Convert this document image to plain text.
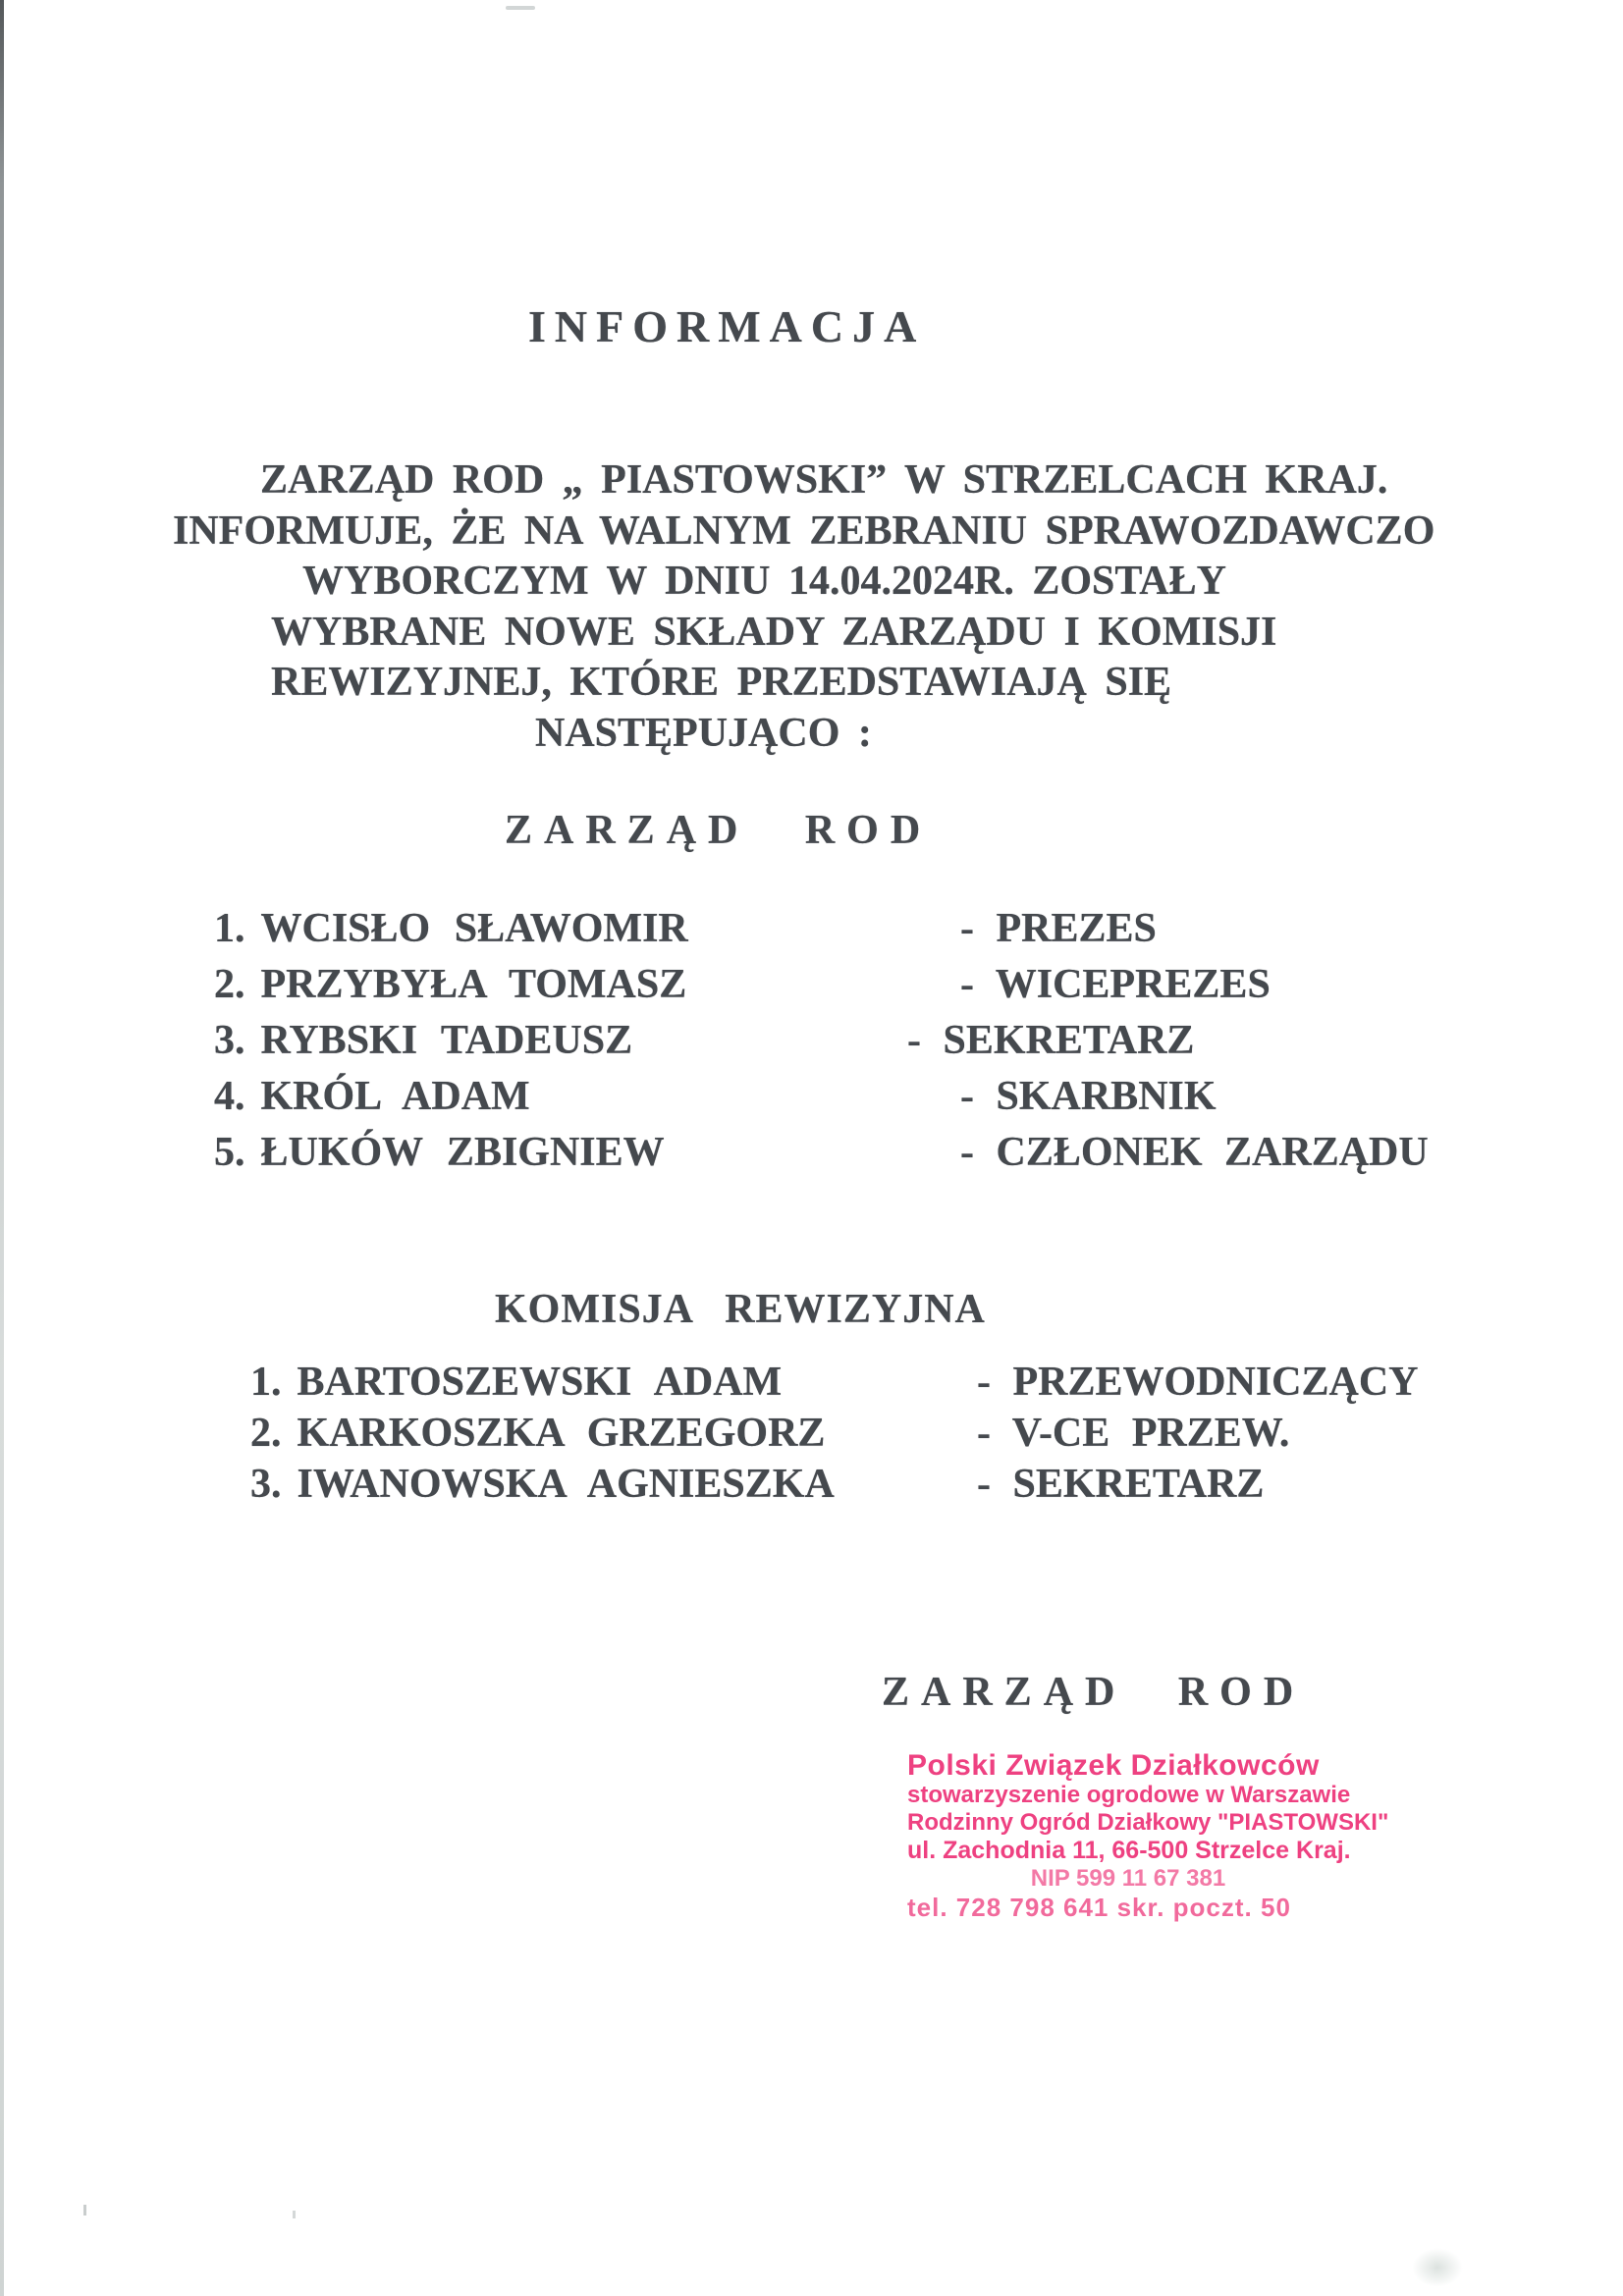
INFORMACJA
ZARZĄD ROD „ PIASTOWSKI” W STRZELCACH KRAJ.
INFORMUJE, ŻE NA WALNYM ZEBRANIU SPRAWOZDAWCZO
WYBORCZYM W DNIU 14.04.2024R. ZOSTAŁY
WYBRANE NOWE SKŁADY ZARZĄDU I KOMISJI
REWIZYJNEJ, KTÓRE PRZEDSTAWIAJĄ SIĘ
NASTĘPUJĄCO :
ZARZĄD ROD
1. WCISŁO SŁAWOMIR	- PREZES
2. PRZYBYŁA TOMASZ	- WICEPREZES
3. RYBSKI TADEUSZ	- SEKRETARZ
4. KRÓL ADAM	- SKARBNIK
5. ŁUKÓW ZBIGNIEW	- CZŁONEK ZARZĄDU
KOMISJA REWIZYJNA
1. BARTOSZEWSKI ADAM	- PRZEWODNICZĄCY
2. KARKOSZKA GRZEGORZ	- V-CE PRZEW.
3. IWANOWSKA AGNIESZKA	- SEKRETARZ
ZARZĄD ROD
Polski Związek Działkowców
stowarzyszenie ogrodowe w Warszawie
Rodzinny Ogród Działkowy "PIASTOWSKI"
ul. Zachodnia 11, 66-500 Strzelce Kraj.
NIP 599 11 67 381
tel. 728 798 641 skr. poczt. 50
